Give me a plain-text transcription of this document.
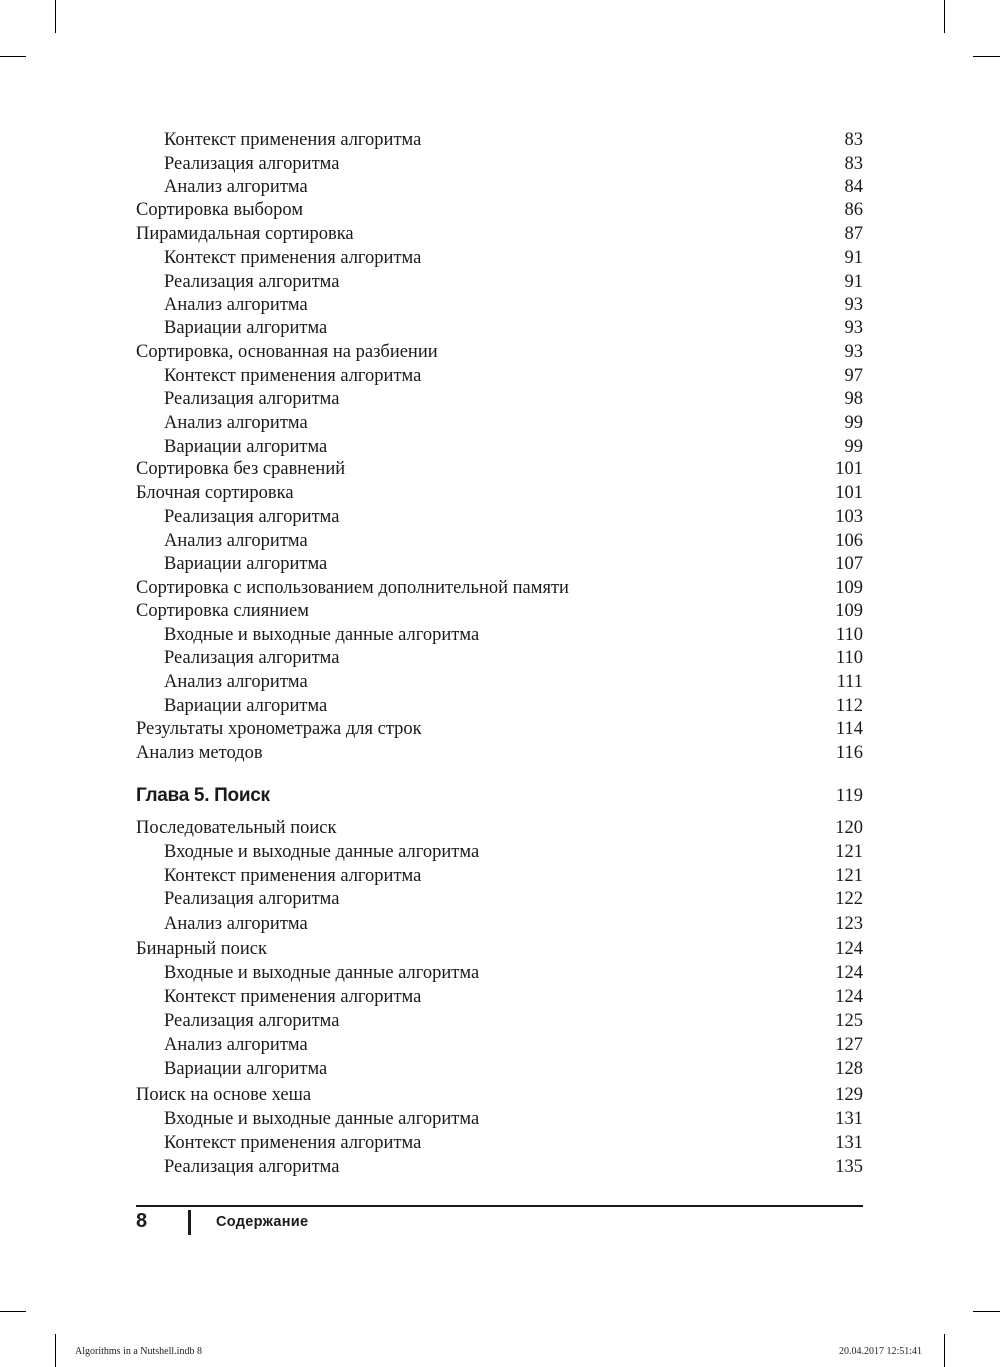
Контекст применения алгоритма	83
Реализация алгоритма	83
Анализ алгоритма	84
Сортировка выбором	86
Пирамидальная сортировка	87
Контекст применения алгоритма	91
Реализация алгоритма	91
Анализ алгоритма	93
Вариации алгоритма	93
Сортировка, основанная на разбиении	93
Контекст применения алгоритма	97
Реализация алгоритма	98
Анализ алгоритма	99
Вариации алгоритма	99
Сортировка без сравнений	101
Блочная сортировка	101
Реализация алгоритма	103
Анализ алгоритма	106
Вариации алгоритма	107
Сортировка с использованием дополнительной памяти	109
Сортировка слиянием	109
Входные и выходные данные алгоритма	110
Реализация алгоритма	110
Анализ алгоритма	111
Вариации алгоритма	112
Результаты хронометража для строк	114
Анализ методов	116
Глава 5. Поиск	119
Последовательный поиск	120
Входные и выходные данные алгоритма	121
Контекст применения алгоритма	121
Реализация алгоритма	122
Анализ алгоритма	123
Бинарный поиск	124
Входные и выходные данные алгоритма	124
Контекст применения алгоритма	124
Реализация алгоритма	125
Анализ алгоритма	127
Вариации алгоритма	128
Поиск на основе хеша	129
Входные и выходные данные алгоритма	131
Контекст применения алгоритма	131
Реализация алгоритма	135
8	Содержание
Algorithms in a Nutshell.indb 8	20.04.2017 12:51:41
